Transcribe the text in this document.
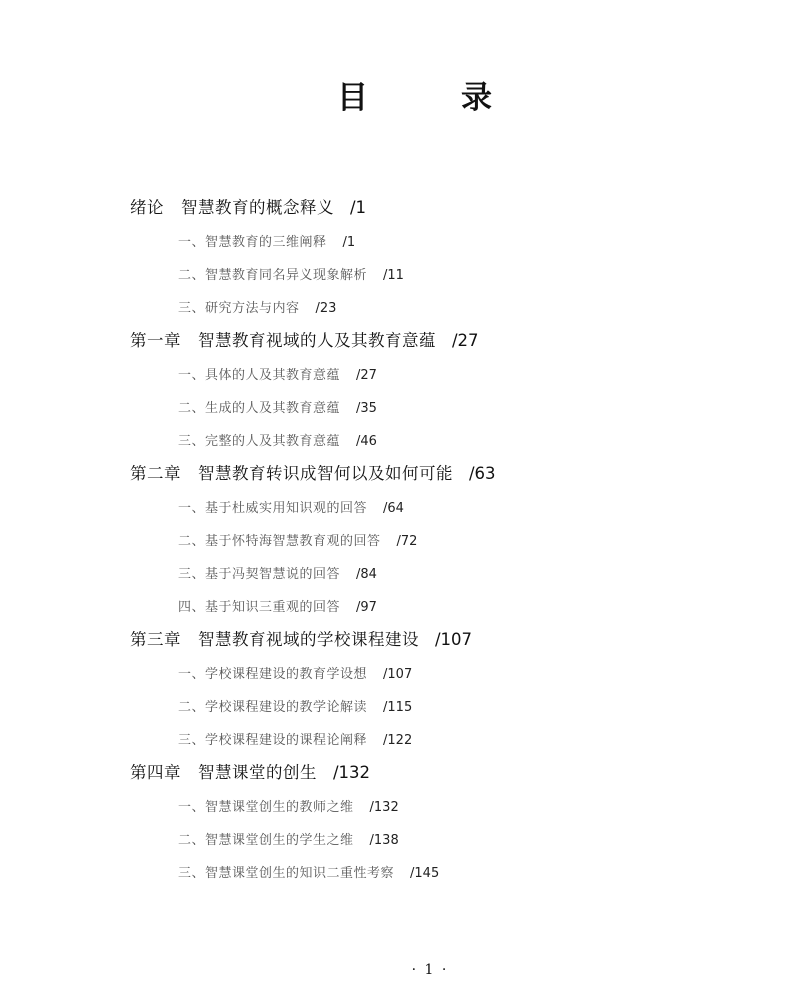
目　录
绪论　智慧教育的概念释义 /1
一、智慧教育的三维阐释 /1
二、智慧教育同名异义现象解析 /11
三、研究方法与内容 /23
第一章　智慧教育视域的人及其教育意蕴 /27
一、具体的人及其教育意蕴 /27
二、生成的人及其教育意蕴 /35
三、完整的人及其教育意蕴 /46
第二章　智慧教育转识成智何以及如何可能 /63
一、基于杜威实用知识观的回答 /64
二、基于怀特海智慧教育观的回答 /72
三、基于冯契智慧说的回答 /84
四、基于知识三重观的回答 /97
第三章　智慧教育视域的学校课程建设 /107
一、学校课程建设的教育学设想 /107
二、学校课程建设的教学论解读 /115
三、学校课程建设的课程论阐释 /122
第四章　智慧课堂的创生 /132
一、智慧课堂创生的教师之维 /132
二、智慧课堂创生的学生之维 /138
三、智慧课堂创生的知识二重性考察 /145
· 1 ·
